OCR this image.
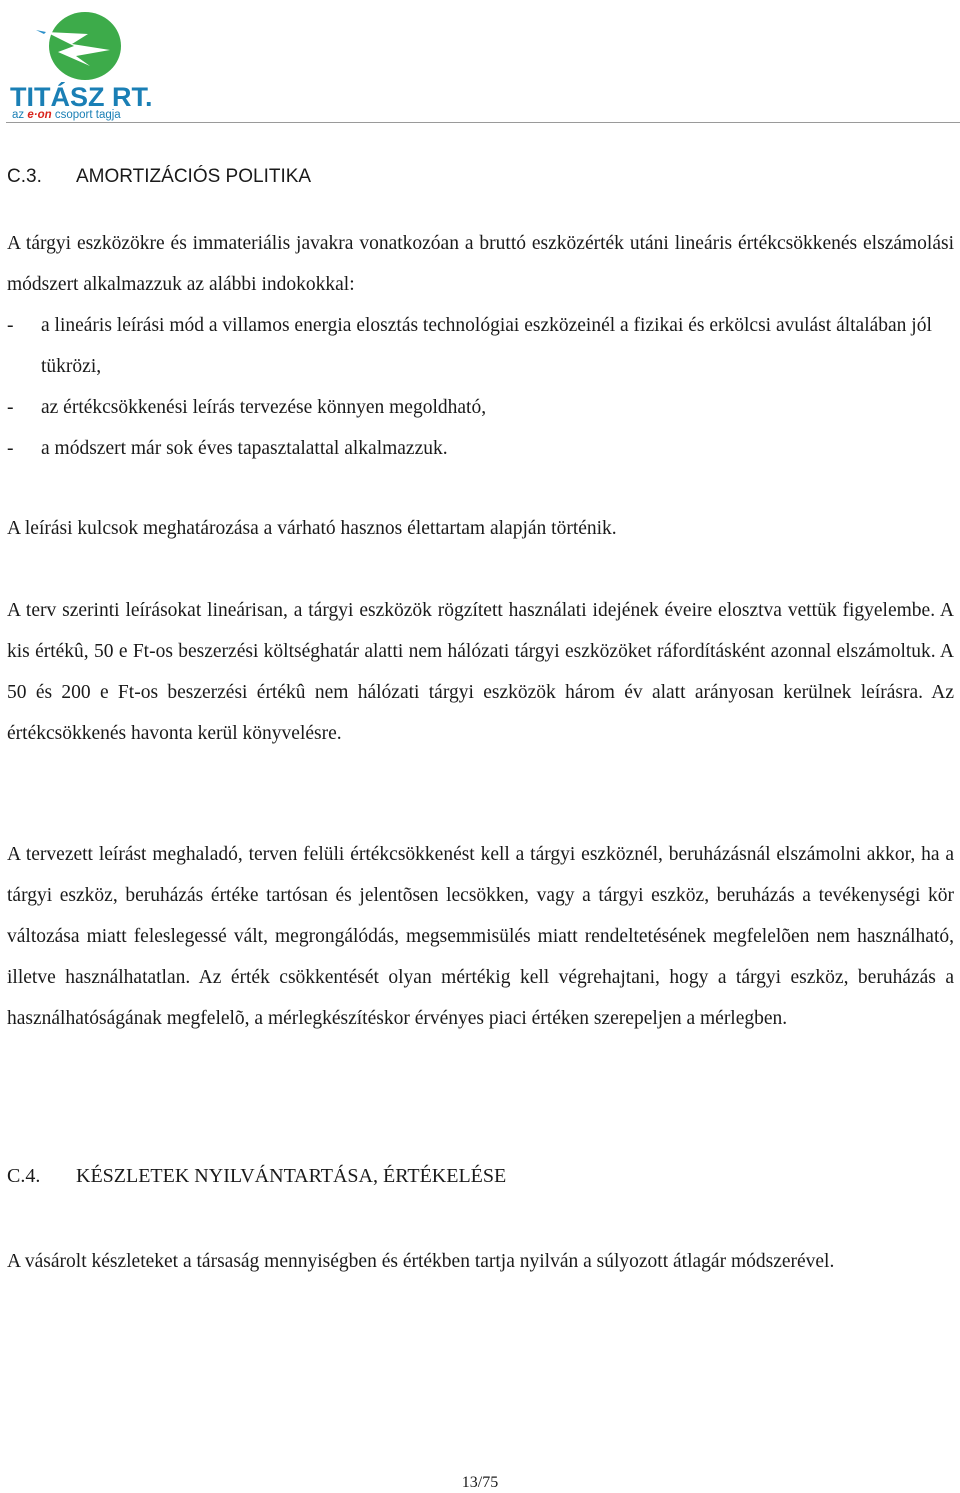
TITÁSZ RT.
az e·on csoport tagja
C.3. AMORTIZÁCIÓS POLITIKA
A tárgyi eszközökre és immateriális javakra vonatkozóan a bruttó eszközérték utáni lineáris értékcsökkenés elszámolási módszert alkalmazzuk az alábbi indokokkal:
- a lineáris leírási mód a villamos energia elosztás technológiai eszközeinél a fizikai és erkölcsi avulást általában jól tükrözi,
- az értékcsökkenési leírás tervezése könnyen megoldható,
- a módszert már sok éves tapasztalattal alkalmazzuk.
A leírási kulcsok meghatározása a várható hasznos élettartam alapján történik.
A terv szerinti leírásokat lineárisan, a tárgyi eszközök rögzített használati idejének éveire elosztva vettük figyelembe. A kis értékû, 50 e Ft-os beszerzési költséghatár alatti nem hálózati tárgyi eszközöket ráfordításként azonnal elszámoltuk. A 50 és 200 e Ft-os beszerzési értékû nem hálózati tárgyi eszközök három év alatt arányosan kerülnek leírásra. Az értékcsökkenés havonta kerül könyvelésre.
A tervezett leírást meghaladó, terven felüli értékcsökkenést kell a tárgyi eszköznél, beruházásnál elszámolni akkor, ha a tárgyi eszköz, beruházás értéke tartósan és jelentõsen lecsökken, vagy a tárgyi eszköz, beruházás a tevékenységi kör változása miatt feleslegessé vált, megrongálódás, megsemmisülés miatt rendeltetésének megfelelõen nem használható, illetve használhatatlan. Az érték csökkentését olyan mértékig kell végrehajtani, hogy a tárgyi eszköz, beruházás a használhatóságának megfelelõ, a mérlegkészítéskor érvényes piaci értéken szerepeljen a mérlegben.
C.4. KÉSZLETEK NYILVÁNTARTÁSA, ÉRTÉKELÉSE
A vásárolt készleteket a társaság mennyiségben és értékben tartja nyilván a súlyozott átlagár módszerével.
13/75
